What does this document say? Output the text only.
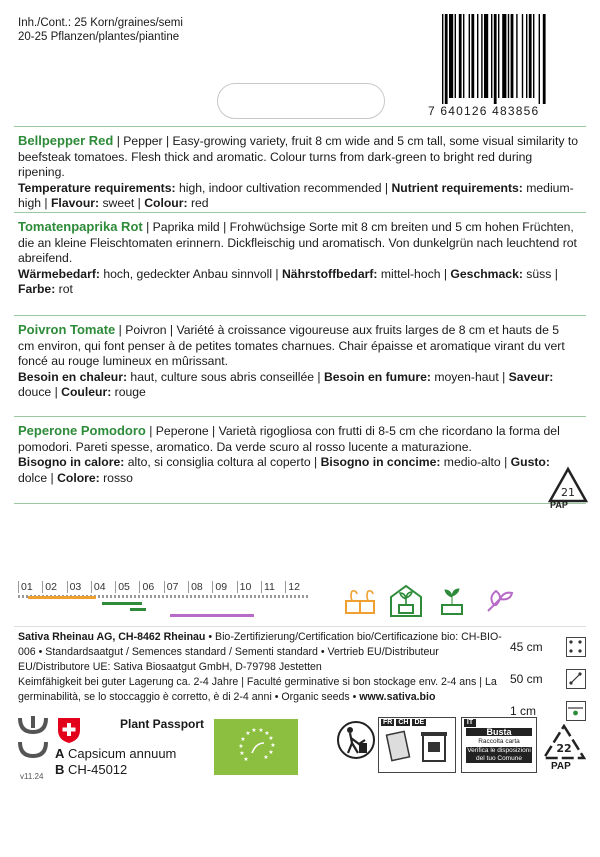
Inh./Cont.: 25 Korn/graines/semi
20-25 Pflanzen/plantes/piantine
7 640126 483856
Bellpepper Red | Pepper | Easy-growing variety, fruit 8 cm wide and 5 cm tall, some visual similarity to beefsteak tomatoes. Flesh thick and aromatic. Colour turns from dark-green to bright red during ripening.
Temperature requirements: high, indoor cultivation recommended | Nutrient requirements: medium-high | Flavour: sweet | Colour: red
Tomatenpaprika Rot | Paprika mild | Frohwüchsige Sorte mit 8 cm breiten und 5 cm hohen Früchten, die an kleine Fleischtomaten erinnern. Dickfleischig und aromatisch. Von dunkelgrün nach leuchtend rot abreifend.
Wärmebedarf: hoch, gedeckter Anbau sinnvoll | Nährstoffbedarf: mittel-hoch | Geschmack: süss | Farbe: rot
Poivron Tomate | Poivron | Variété à croissance vigoureuse aux fruits larges de 8 cm et hauts de 5 cm environ, qui font penser à de petites tomates charnues. Chair épaisse et aromatique virant du vert foncé au rouge lumineux en mûrissant.
Besoin en chaleur: haut, culture sous abris conseillée | Besoin en fumure: moyen-haut | Saveur: douce | Couleur: rouge
Peperone Pomodoro | Peperone | Varietà rigogliosa con frutti di 8-5 cm che ricordano la forma del pomodori. Pareti spesse, aromatico. Da verde scuro al rosso lucente a maturazione.
Bisogno in calore: alto, si consiglia coltura al coperto | Bisogno in concime: medio-alto | Gusto: dolce | Colore: rosso
21
PAP
01	02	03	04	05	06	07	08	09	10	11	12
Sativa Rheinau AG, CH-8462 Rheinau • Bio-Zertifizierung/Certification bio/Certificazione bio: CH-BIO-006 • Standardsaatgut / Semences standard / Sementi standard • Vertrieb EU/Distributeur EU/Distributore UE: Sativa Biosaatgut GmbH, D-79798 Jestetten
Keimfähigkeit bei guter Lagerung ca. 2-4 Jahre | Faculté germinative si bon stockage env. 2-4 ans | La germinabilità, se lo stoccaggio è corretto, è di 2-4 anni • Organic seeds • www.sativa.bio
45 cm
50 cm
1 cm
v11.24
Plant Passport
A Capsicum annuum
B CH-45012
★
★
★
★
★ ★ ★ ★
★
★
★
★
FR CH DE	IT
Busta
Raccolta carta
Verifica le disposizioni
del tuo Comune
22
PAP
